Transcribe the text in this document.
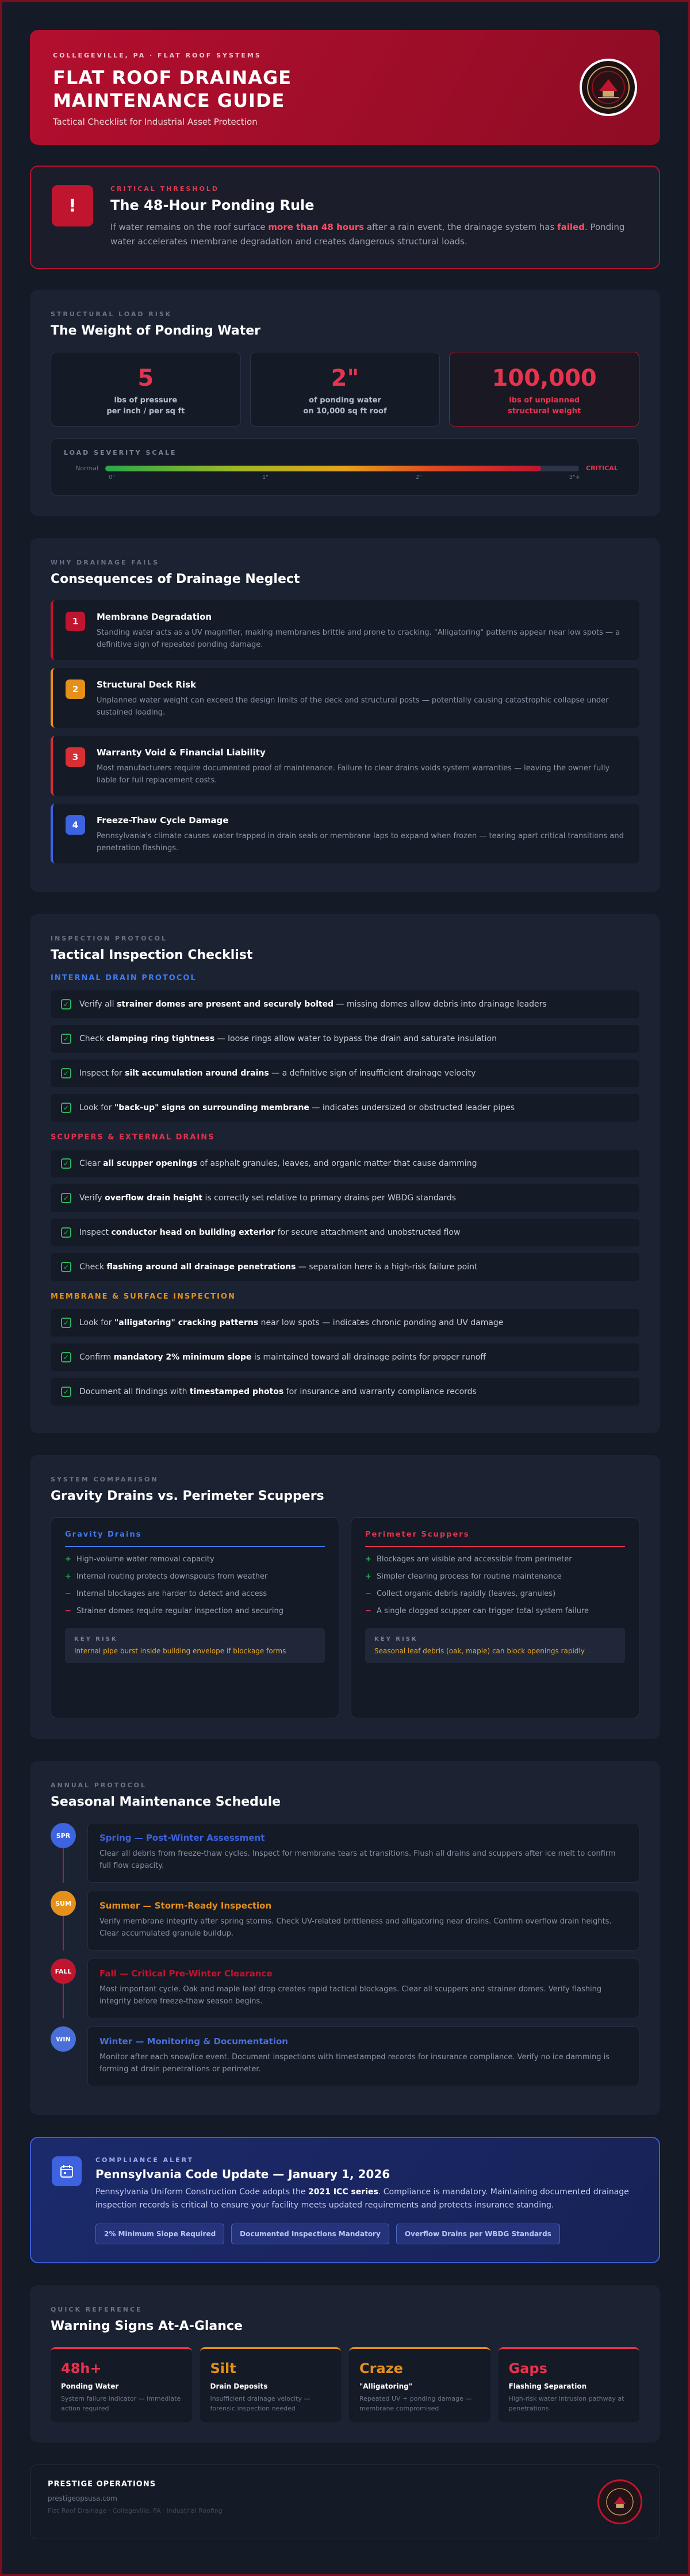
COLLEGEVILLE, PA · FLAT ROOF SYSTEMS
FLAT ROOF DRAINAGE
MAINTENANCE GUIDE
Tactical Checklist for Industrial Asset Protection
!
CRITICAL THRESHOLD
The 48-Hour Ponding Rule

If water remains on the roof surface more than 48 hours after a rain event, the drainage system has failed. Ponding water accelerates membrane degradation and creates dangerous structural loads.

STRUCTURAL LOAD RISK
The Weight of Ponding Water
5
lbs of pressure
per inch / per sq ft
2"
of ponding water
on 10,000 sq ft roof
100,000
lbs of unplanned
structural weight
LOAD SEVERITY SCALE
Normal	CRITICAL
0"	1"	2"	3"+
WHY DRAINAGE FAILS
Consequences of Drainage Neglect
1	Membrane Degradation

Standing water acts as a UV magnifier, making membranes brittle and prone to cracking. "Alligatoring" patterns appear near low spots — a definitive sign of repeated ponding damage.

2	Structural Deck Risk

Unplanned water weight can exceed the design limits of the deck and structural posts — potentially causing catastrophic collapse under sustained loading.

3	Warranty Void & Financial Liability

Most manufacturers require documented proof of maintenance. Failure to clear drains voids system warranties — leaving the owner fully liable for full replacement costs.

4	Freeze-Thaw Cycle Damage

Pennsylvania's climate causes water trapped in drain seals or membrane laps to expand when frozen — tearing apart critical transitions and penetration flashings.

INSPECTION PROTOCOL
Tactical Inspection Checklist
INTERNAL DRAIN PROTOCOL
✓ Verify all strainer domes are present and securely bolted — missing domes allow debris into drainage leaders
✓ Check clamping ring tightness — loose rings allow water to bypass the drain and saturate insulation
✓ Inspect for silt accumulation around drains — a definitive sign of insufficient drainage velocity
✓ Look for "back-up" signs on surrounding membrane — indicates undersized or obstructed leader pipes
SCUPPERS & EXTERNAL DRAINS
✓ Clear all scupper openings of asphalt granules, leaves, and organic matter that cause damming
✓ Verify overflow drain height is correctly set relative to primary drains per WBDG standards
✓ Inspect conductor head on building exterior for secure attachment and unobstructed flow
✓ Check flashing around all drainage penetrations — separation here is a high-risk failure point
MEMBRANE & SURFACE INSPECTION
✓ Look for "alligatoring" cracking patterns near low spots — indicates chronic ponding and UV damage
✓ Confirm mandatory 2% minimum slope is maintained toward all drainage points for proper runoff
✓ Document all findings with timestamped photos for insurance and warranty compliance records
SYSTEM COMPARISON
Gravity Drains vs. Perimeter Scuppers
Gravity Drains
+ High-volume water removal capacity
+ Internal routing protects downspouts from weather
− Internal blockages are harder to detect and access
− Strainer domes require regular inspection and securing
KEY RISK

Internal pipe burst inside building envelope if blockage forms

Perimeter Scuppers
+ Blockages are visible and accessible from perimeter
+ Simpler clearing process for routine maintenance
− Collect organic debris rapidly (leaves, granules)
− A single clogged scupper can trigger total system failure
KEY RISK

Seasonal leaf debris (oak, maple) can block openings rapidly

ANNUAL PROTOCOL
Seasonal Maintenance Schedule
SPR	Spring — Post-Winter Assessment

Clear all debris from freeze-thaw cycles. Inspect for membrane tears at transitions. Flush all drains and scuppers after ice melt to confirm full flow capacity.

SUM	Summer — Storm-Ready Inspection

Verify membrane integrity after spring storms. Check UV-related brittleness and alligatoring near drains. Confirm overflow drain heights. Clear accumulated granule buildup.

FALL	Fall — Critical Pre-Winter Clearance

Most important cycle. Oak and maple leaf drop creates rapid tactical blockages. Clear all scuppers and strainer domes. Verify flashing integrity before freeze-thaw season begins.

WIN	Winter — Monitoring & Documentation

Monitor after each snow/ice event. Document inspections with timestamped records for insurance compliance. Verify no ice damming is forming at drain penetrations or perimeter.

COMPLIANCE ALERT
Pennsylvania Code Update — January 1, 2026

Pennsylvania Uniform Construction Code adopts the 2021 ICC series. Compliance is mandatory. Maintaining documented drainage inspection records is critical to ensure your facility meets updated requirements and protects insurance standing.

2% Minimum Slope Required	Documented Inspections Mandatory	Overflow Drains per WBDG Standards
QUICK REFERENCE
Warning Signs At-A-Glance
48h+
Ponding Water
System failure indicator — immediate action required
Silt
Drain Deposits
Insufficient drainage velocity — forensic inspection needed
Craze
"Alligatoring"
Repeated UV + ponding damage — membrane compromised
Gaps
Flashing Separation
High-risk water intrusion pathway at penetrations
PRESTIGE OPERATIONS
prestigeopsusa.com
Flat Roof Drainage · Collegeville, PA · Industrial Roofing
